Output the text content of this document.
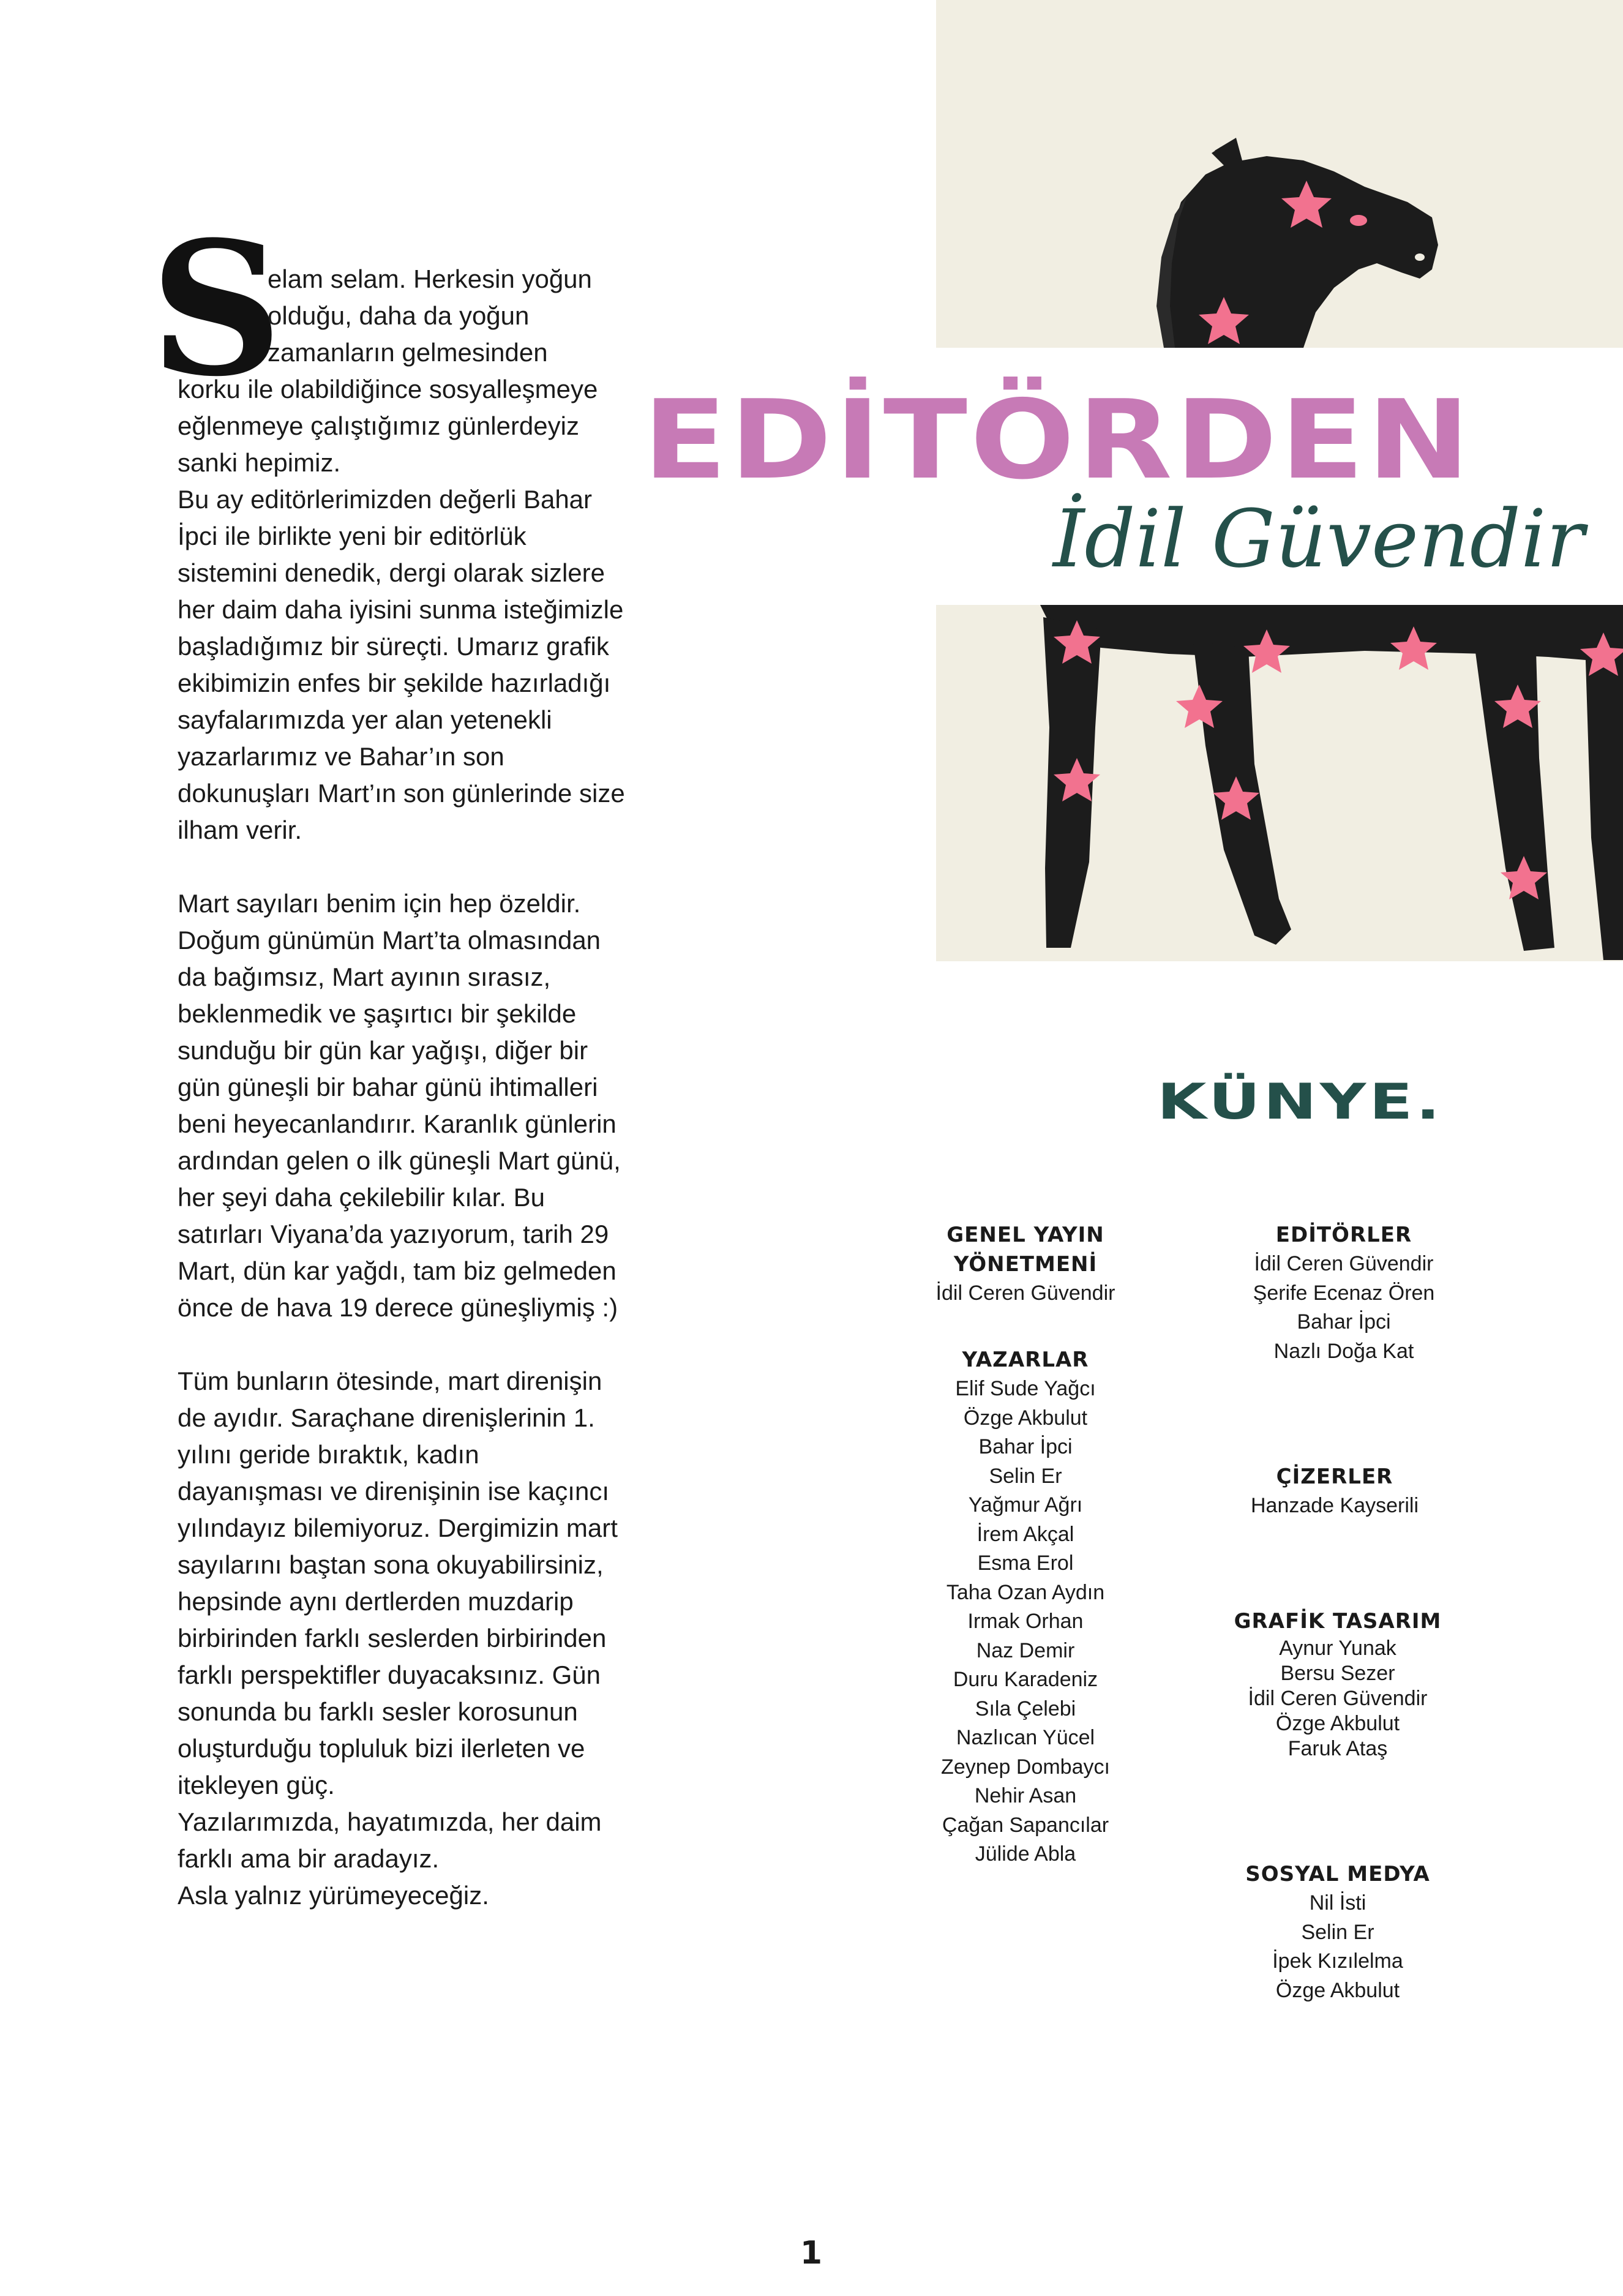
EDİTÖRDEN
İdil Güvendir
S

elam selam. Herkesin yoğun olduğu, daha da yoğun zamanların gelmesinden

korku ile olabildiğince sosyalleşmeye eğlenmeye çalıştığımız günlerdeyiz sanki hepimiz.
Bu ay editörlerimizden değerli Bahar İpci ile birlikte yeni bir editörlük sistemini denedik, dergi olarak sizlere her daim daha iyisini sunma isteğimizle başladığımız bir süreçti. Umarız grafik ekibimizin enfes bir şekilde hazırladığı sayfalarımızda yer alan yetenekli yazarlarımız ve Bahar’ın son dokunuşları Mart’ın son günlerinde size ilham verir.

Mart sayıları benim için hep özeldir. Doğum günümün Mart’ta olmasından da bağımsız, Mart ayının sırasız, beklenmedik ve şaşırtıcı bir şekilde sunduğu bir gün kar yağışı, diğer bir gün güneşli bir bahar günü ihtimalleri beni heyecanlandırır. Karanlık günlerin ardından gelen o ilk güneşli Mart günü, her şeyi daha çekilebilir kılar. Bu satırları Viyana’da yazıyorum, tarih 29 Mart, dün kar yağdı, tam biz gelmeden önce de hava 19 derece güneşliymiş :)

Tüm bunların ötesinde, mart direnişin de ayıdır. Saraçhane direnişlerinin 1. yılını geride bıraktık, kadın dayanışması ve direnişinin ise kaçıncı yılındayız bilemiyoruz. Dergimizin mart sayılarını baştan sona okuyabilirsiniz, hepsinde aynı dertlerden muzdarip birbirinden farklı seslerden birbirinden farklı perspektifler duyacaksınız. Gün sonunda bu farklı sesler korosunun oluşturduğu topluluk bizi ilerleten ve itekleyen güç.
Yazılarımızda, hayatımızda, her daim farklı ama bir aradayız.
Asla yalnız yürümeyeceğiz.

KÜNYE.
GENEL YAYIN YÖNETMENİ
İdil Ceren Güvendir
YAZARLAR
Elif Sude Yağcı
Özge Akbulut
Bahar İpci
Selin Er
Yağmur Ağrı
İrem Akçal
Esma Erol
Taha Ozan Aydın
Irmak Orhan
Naz Demir
Duru Karadeniz
Sıla Çelebi
Nazlıcan Yücel
Zeynep Dombaycı
Nehir Asan
Çağan Sapancılar
Jülide Abla
EDİTÖRLER
İdil Ceren Güvendir
Şerife Ecenaz Ören
Bahar İpci
Nazlı Doğa Kat
ÇİZERLER
Hanzade Kayserili
GRAFİK TASARIM
Aynur Yunak
Bersu Sezer
İdil Ceren Güvendir
Özge Akbulut
Faruk Ataş
SOSYAL MEDYA
Nil İsti
Selin Er
İpek Kızılelma
Özge Akbulut
1
